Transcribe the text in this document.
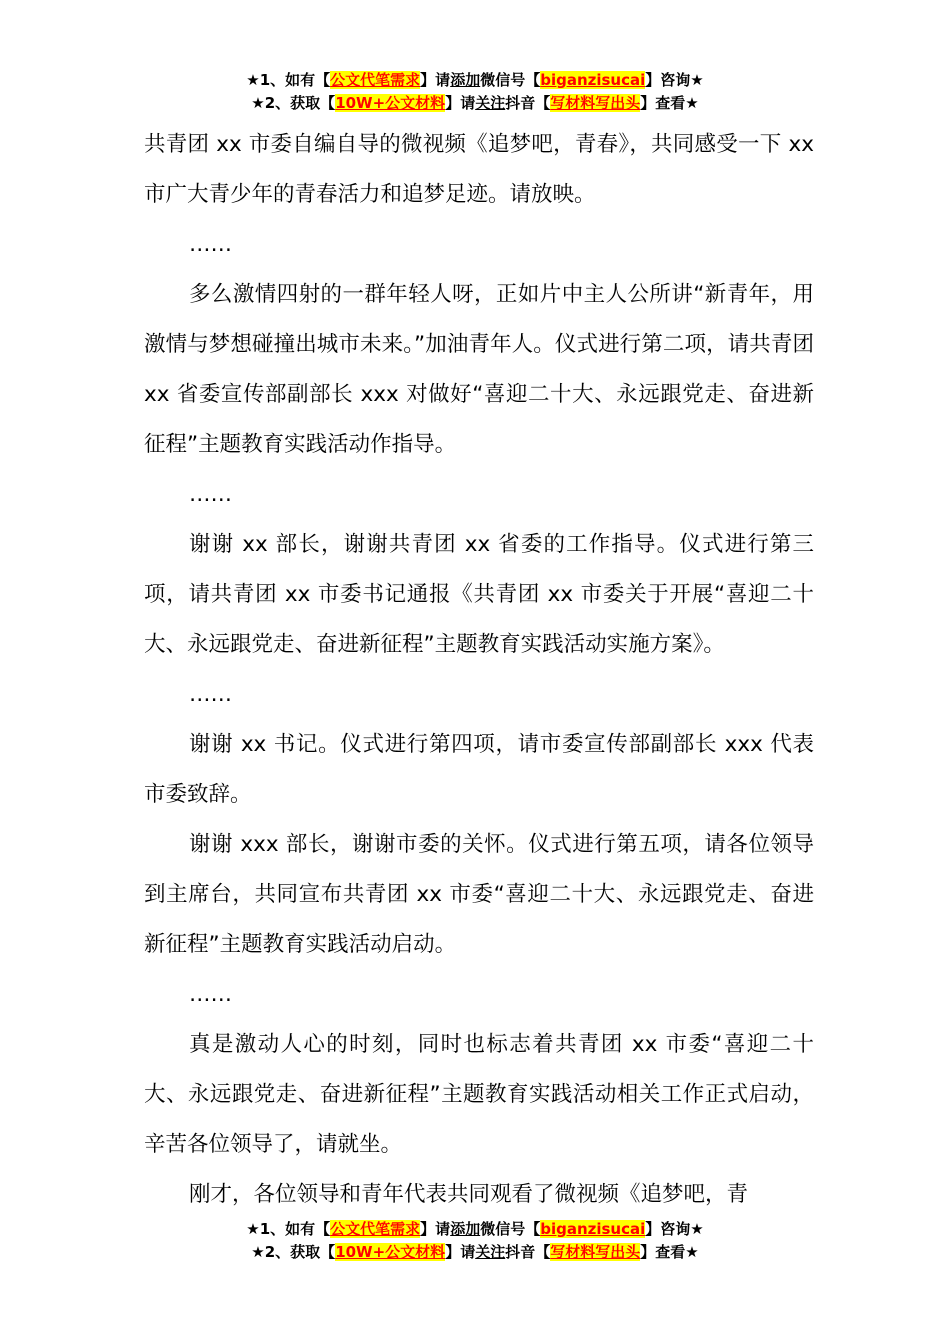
★1、如有【公文代笔需求】请添加微信号【biganzisucai】咨询★
★2、获取【10W+公文材料】请关注抖音【写材料写出头】查看★

共青团 xx 市委自编自导的微视频《追梦吧，青春》，共同感受一下 xx 市广大青少年的青春活力和追梦足迹。请放映。

……

多么激情四射的一群年轻人呀，正如片中主人公所讲“新青年，用激情与梦想碰撞出城市未来。”加油青年人。仪式进行第二项，请共青团 xx 省委宣传部副部长 xxx 对做好“喜迎二十大、永远跟党走、奋进新征程”主题教育实践活动作指导。

……

谢谢 xx 部长，谢谢共青团 xx 省委的工作指导。仪式进行第三项，请共青团 xx 市委书记通报《共青团 xx 市委关于开展“喜迎二十大、永远跟党走、奋进新征程”主题教育实践活动实施方案》。

……

谢谢 xx 书记。仪式进行第四项，请市委宣传部副部长 xxx 代表市委致辞。

谢谢 xxx 部长，谢谢市委的关怀。仪式进行第五项，请各位领导到主席台，共同宣布共青团 xx 市委“喜迎二十大、永远跟党走、奋进新征程”主题教育实践活动启动。

……

真是激动人心的时刻，同时也标志着共青团 xx 市委“喜迎二十大、永远跟党走、奋进新征程”主题教育实践活动相关工作正式启动，辛苦各位领导了，请就坐。

刚才，各位领导和青年代表共同观看了微视频《追梦吧，青

★1、如有【公文代笔需求】请添加微信号【biganzisucai】咨询★
★2、获取【10W+公文材料】请关注抖音【写材料写出头】查看★
